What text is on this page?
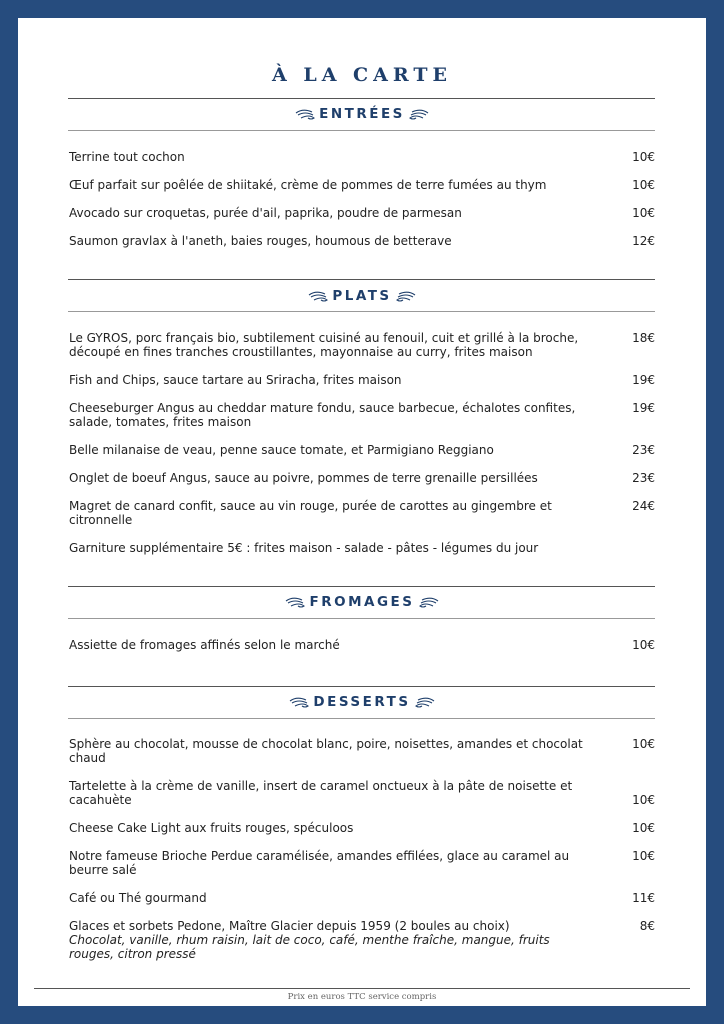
À LA CARTE
ENTRÉES
Terrine tout cochon	10€
Œuf parfait sur poêlée de shiitaké, crème de pommes de terre fumées au thym	10€
Avocado sur croquetas, purée d'ail, paprika, poudre de parmesan	10€
Saumon gravlax à l'aneth, baies rouges, houmous de betterave	12€
PLATS
Le GYROS, porc français bio, subtilement cuisiné au fenouil, cuit et grillé à la broche, découpé en fines tranches croustillantes, mayonnaise au curry, frites maison
18€
Fish and Chips, sauce tartare au Sriracha, frites maison	19€
Cheeseburger Angus au cheddar mature fondu, sauce barbecue, échalotes confites, salade, tomates, frites maison
19€
Belle milanaise de veau, penne sauce tomate, et Parmigiano Reggiano	23€
Onglet de boeuf Angus, sauce au poivre, pommes de terre grenaille persillées	23€
Magret de canard confit, sauce au vin rouge, purée de carottes au gingembre et citronnelle
24€
Garniture supplémentaire 5€ : frites maison - salade - pâtes - légumes du jour
FROMAGES
Assiette de fromages affinés selon le marché	10€
DESSERTS
Sphère au chocolat, mousse de chocolat blanc, poire, noisettes, amandes et chocolat chaud
10€
Tartelette à la crème de vanille, insert de caramel onctueux à la pâte de noisette et cacahuète	10€
Cheese Cake Light aux fruits rouges, spéculoos	10€
Notre fameuse Brioche Perdue caramélisée, amandes effilées, glace au caramel au beurre salé
10€
Café ou Thé gourmand	11€
Glaces et sorbets Pedone, Maître Glacier depuis 1959 (2 boules au choix)
Chocolat, vanille, rhum raisin, lait de coco, café, menthe fraîche, mangue, fruits rouges, citron pressé
8€
Prix en euros TTC service compris
